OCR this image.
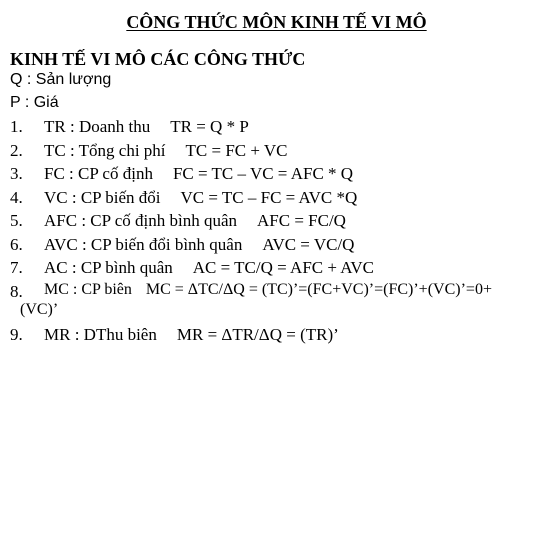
CÔNG THỨC MÔN KINH TẾ VI MÔ
KINH TẾ VI MÔ CÁC CÔNG THỨC
Q : Sản lượng
P : Giá
1. TR : Doanh thu TR = Q * P
2. TC : Tổng chi phí TC = FC + VC
3. FC : CP cố định FC = TC – VC = AFC * Q
4. VC : CP biến đổi VC = TC – FC = AVC *Q
5. AFC : CP cố định bình quân AFC = FC/Q
6. AVC : CP biến đổi bình quân AVC = VC/Q
7. AC : CP bình quân AC = TC/Q = AFC + AVC
8. MC : CP biên MC = ΔTC/ΔQ = (TC)’=(FC+VC)’=(FC)’+(VC)’=0+
(VC)’
9. MR : DThu biên MR = ΔTR/ΔQ = (TR)’
